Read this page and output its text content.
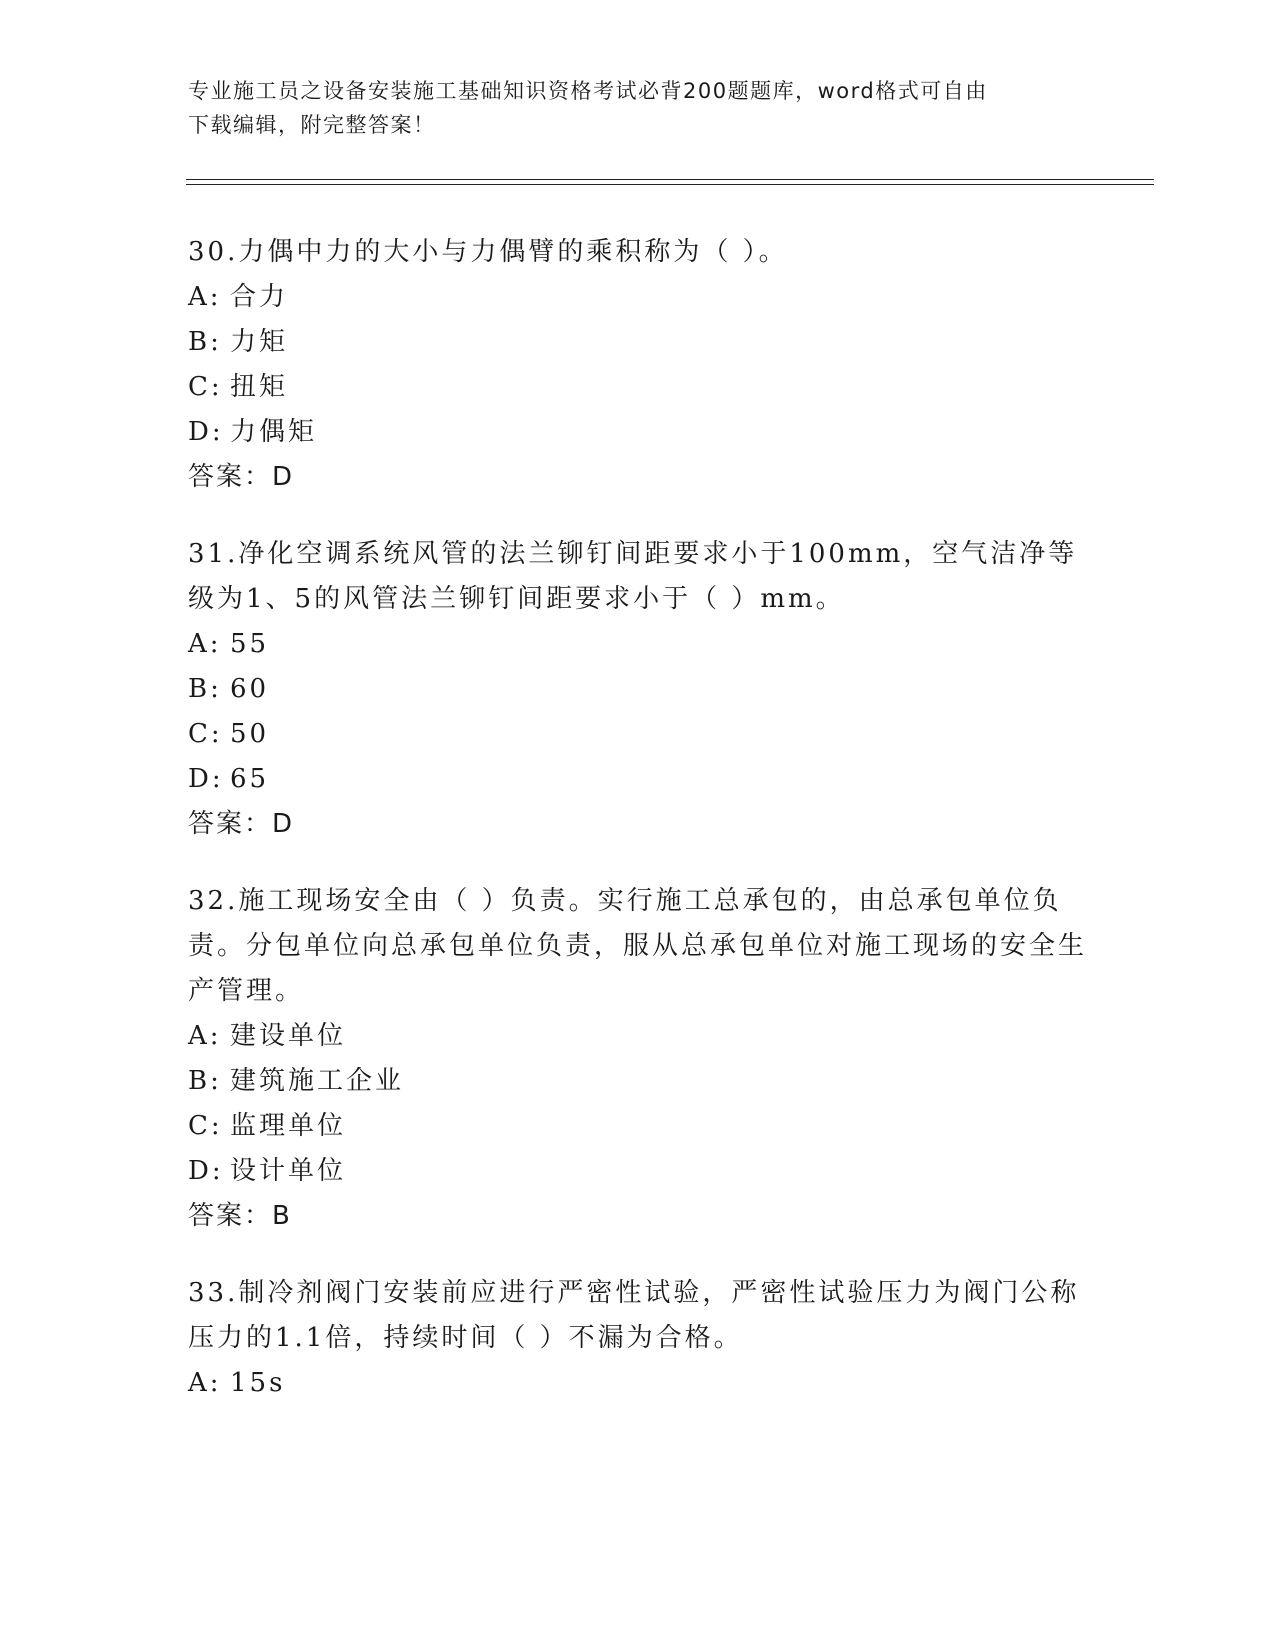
专业施工员之设备安装施工基础知识资格考试必背200题题库，word格式可自由
下载编辑，附完整答案！

30.力偶中力的大小与力偶臂的乘积称为（ ）。

A: 合力
B: 力矩
C: 扭矩
D: 力偶矩
答案：D

31.净化空调系统风管的法兰铆钉间距要求小于100mm，空气洁净等级为1、5的风管法兰铆钉间距要求小于（ ）mm。

A: 55
B: 60
C: 50
D: 65
答案：D

32.施工现场安全由（ ）负责。实行施工总承包的，由总承包单位负责。分包单位向总承包单位负责，服从总承包单位对施工现场的安全生产管理。

A: 建设单位
B: 建筑施工企业
C: 监理单位
D: 设计单位
答案：B

33.制冷剂阀门安装前应进行严密性试验，严密性试验压力为阀门公称压力的1.1倍，持续时间（ ）不漏为合格。

A: 15s
